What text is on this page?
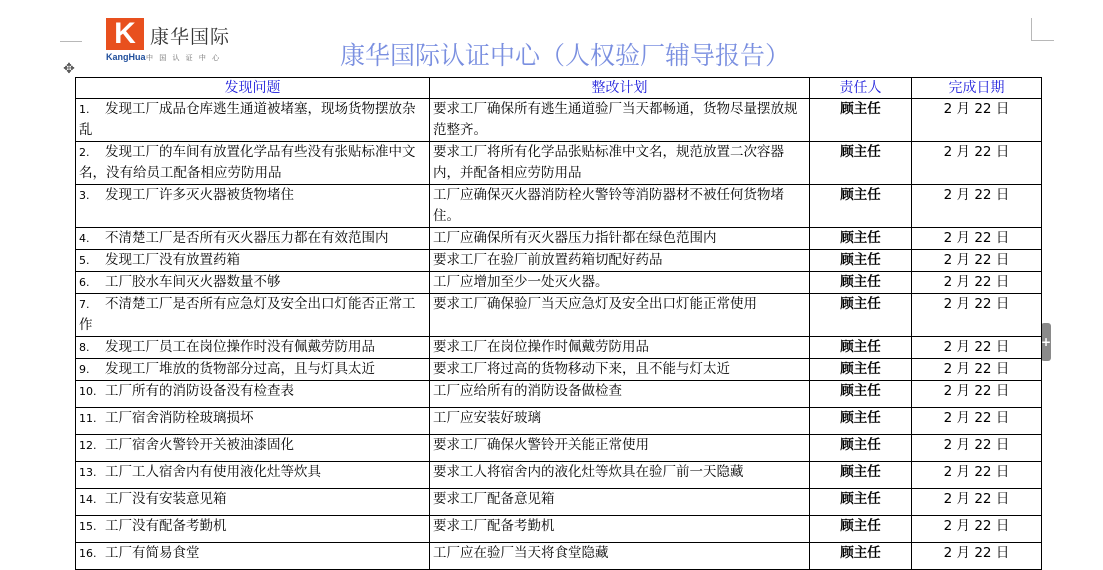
K 康华国际
KangHua 中 国 认 证 中 心	康华国际认证中心（人权验厂辅导报告）
✥
+
发现问题	整改计划	责任人	完成日期
1. 发现工厂成品仓库逃生通道被堵塞，现场货物摆放杂乱	要求工厂确保所有逃生通道验厂当天都畅通，货物尽量摆放规范整齐。	顾主任	2 月 22 日
2. 发现工厂的车间有放置化学品有些没有张贴标准中文名，没有给员工配备相应劳防用品	要求工厂将所有化学品张贴标准中文名，规范放置二次容器内，并配备相应劳防用品	顾主任	2 月 22 日
3. 发现工厂许多灭火器被货物堵住	工厂应确保灭火器消防栓火警铃等消防器材不被任何货物堵住。	顾主任	2 月 22 日
4. 不清楚工厂是否所有灭火器压力都在有效范围内	工厂应确保所有灭火器压力指针都在绿色范围内	顾主任	2 月 22 日
5. 发现工厂没有放置药箱	要求工厂在验厂前放置药箱切配好药品	顾主任	2 月 22 日
6. 工厂胶水车间灭火器数量不够	工厂应增加至少一处灭火器。	顾主任	2 月 22 日
7. 不清楚工厂是否所有应急灯及安全出口灯能否正常工作	要求工厂确保验厂当天应急灯及安全出口灯能正常使用	顾主任	2 月 22 日
8. 发现工厂员工在岗位操作时没有佩戴劳防用品	要求工厂在岗位操作时佩戴劳防用品	顾主任	2 月 22 日
9. 发现工厂堆放的货物部分过高，且与灯具太近	要求工厂将过高的货物移动下来，且不能与灯太近	顾主任	2 月 22 日
10. 工厂所有的消防设备没有检查表	工厂应给所有的消防设备做检查	顾主任	2 月 22 日
11. 工厂宿舍消防栓玻璃损坏	工厂应安装好玻璃	顾主任	2 月 22 日
12. 工厂宿舍火警铃开关被油漆固化	要求工厂确保火警铃开关能正常使用	顾主任	2 月 22 日
13. 工厂工人宿舍内有使用液化灶等炊具	要求工人将宿舍内的液化灶等炊具在验厂前一天隐藏	顾主任	2 月 22 日
14. 工厂没有安装意见箱	要求工厂配备意见箱	顾主任	2 月 22 日
15. 工厂没有配备考勤机	要求工厂配备考勤机	顾主任	2 月 22 日
16. 工厂有简易食堂	工厂应在验厂当天将食堂隐藏	顾主任	2 月 22 日
